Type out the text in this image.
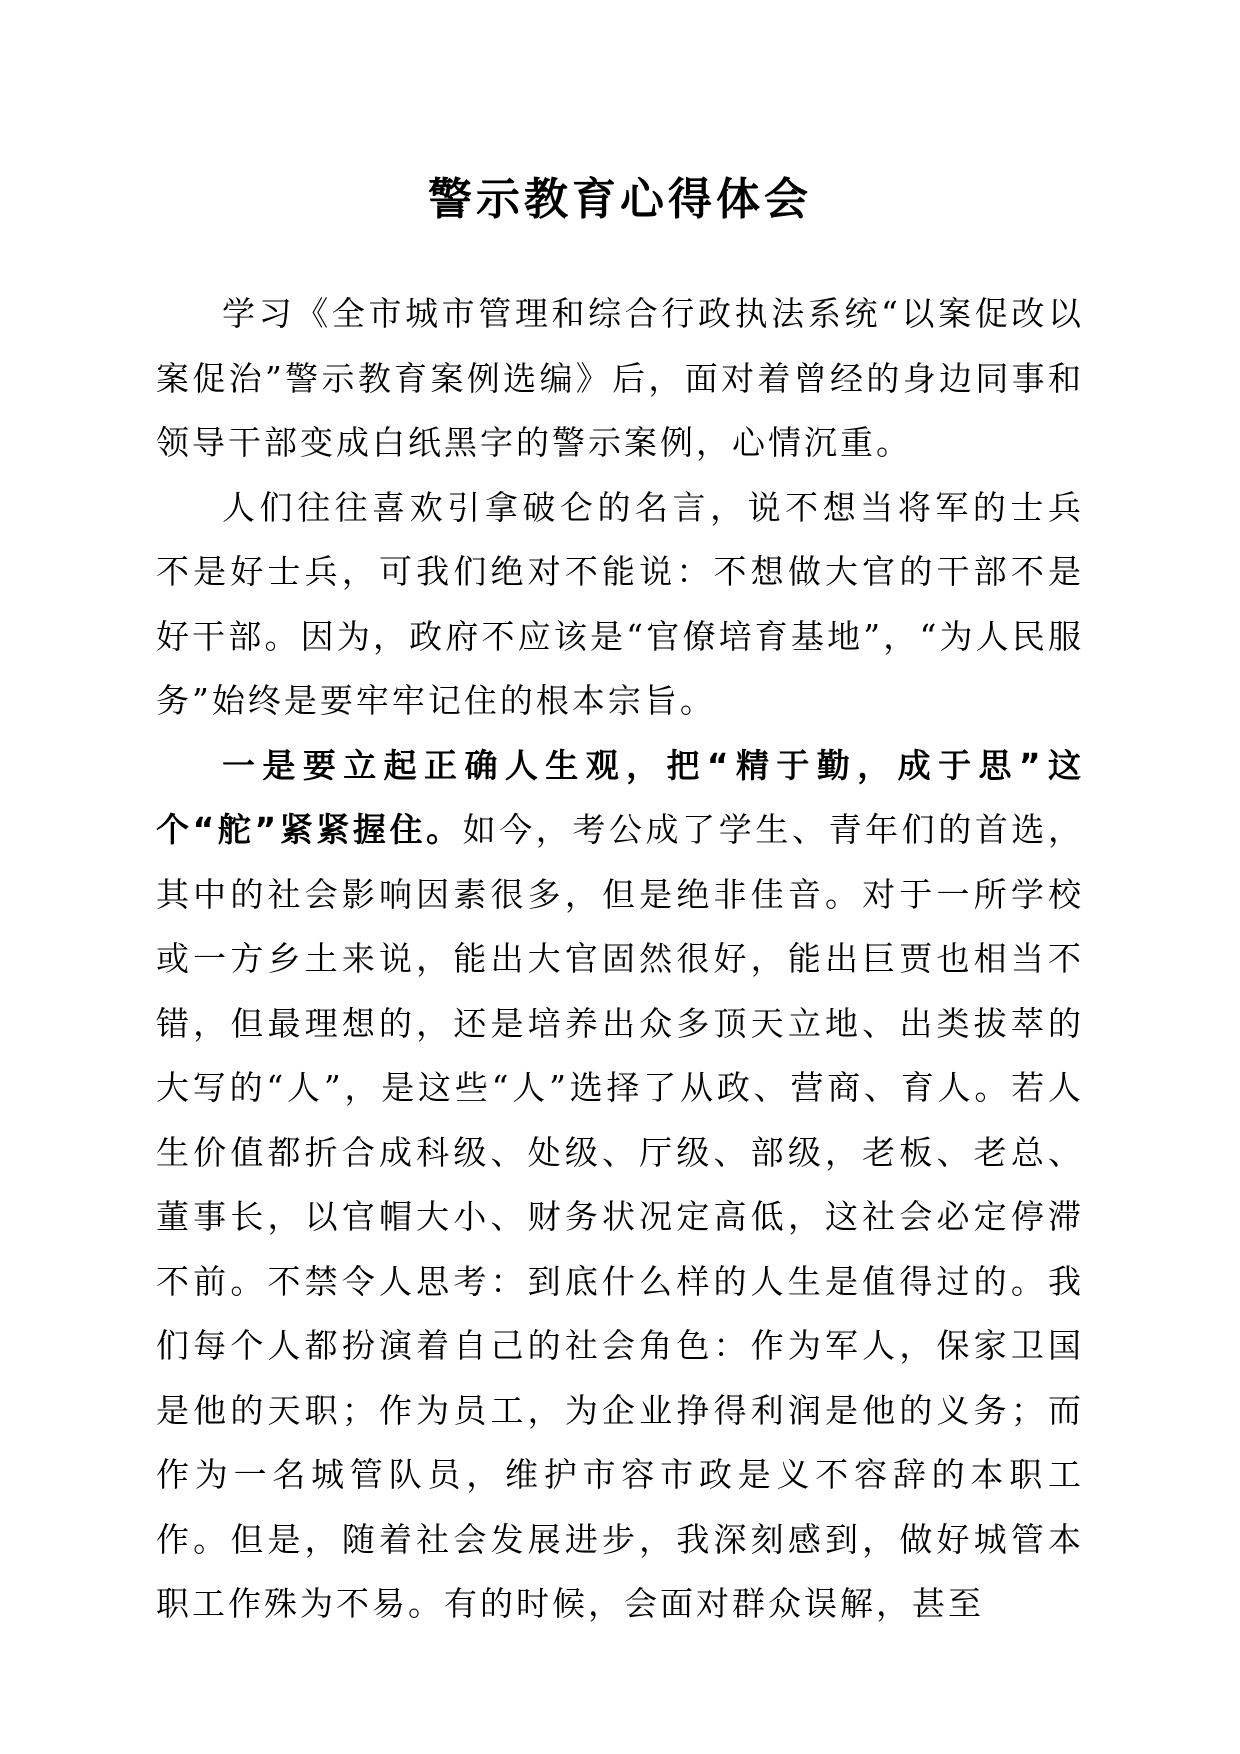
警示教育心得体会

学习《全市城市管理和综合行政执法系统“以案促改以案促治”警示教育案例选编》后，面对着曾经的身边同事和领导干部变成白纸黑字的警示案例，心情沉重。

人们往往喜欢引拿破仑的名言，说不想当将军的士兵不是好士兵，可我们绝对不能说：不想做大官的干部不是好干部。因为，政府不应该是“官僚培育基地”，“为人民服务”始终是要牢牢记住的根本宗旨。

一是要立起正确人生观，把“精于勤，成于思”这个“舵”紧紧握住。如今，考公成了学生、青年们的首选，其中的社会影响因素很多，但是绝非佳音。对于一所学校或一方乡土来说，能出大官固然很好，能出巨贾也相当不错，但最理想的，还是培养出众多顶天立地、出类拔萃的大写的“人”，是这些“人”选择了从政、营商、育人。若人生价值都折合成科级、处级、厅级、部级，老板、老总、董事长，以官帽大小、财务状况定高低，这社会必定停滞不前。不禁令人思考：到底什么样的人生是值得过的。我们每个人都扮演着自己的社会角色：作为军人，保家卫国是他的天职；作为员工，为企业挣得利润是他的义务；而作为一名城管队员，维护市容市政是义不容辞的本职工作。但是，随着社会发展进步，我深刻感到，做好城管本职工作殊为不易。有的时候，会面对群众误解，甚至
